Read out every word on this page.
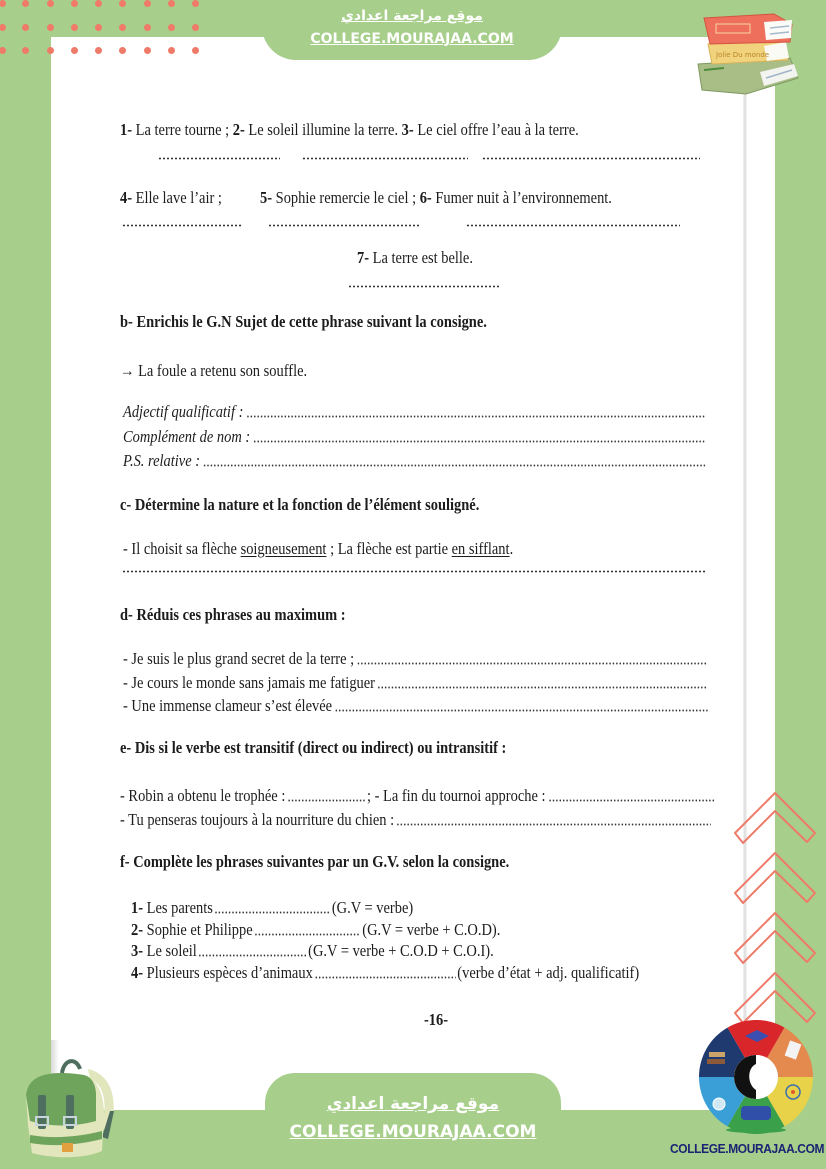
موقع مراجعة اعدادي
COLLEGE.MOURAJAA.COM
موقع مراجعة اعدادي
COLLEGE.MOURAJAA.COM
Jolie Du monde
COLLEGE.MOURAJAA.COM
1- La terre tourne ; 2- Le soleil illumine la terre. 3- Le ciel offre l’eau à la terre.
4- Elle lave l’air ; 5- Sophie remercie le ciel ; 6- Fumer nuit à l’environnement.
7- La terre est belle.
b- Enrichis le G.N Sujet de cette phrase suivant la consigne.
→ La foule a retenu son souffle.
Adjectif qualificatif :
Complément de nom :
P.S. relative :
c- Détermine la nature et la fonction de l’élément souligné.
- Il choisit sa flèche soigneusement ; La flèche est partie en sifflant .
d- Réduis ces phrases au maximum :
- Je suis le plus grand secret de la terre ;
- Je cours le monde sans jamais me fatiguer
- Une immense clameur s’est élevée
e- Dis si le verbe est transitif (direct ou indirect) ou intransitif :
- Robin a obtenu le trophée :	; - La fin du tournoi approche :
- Tu penseras toujours à la nourriture du chien :
f- Complète les phrases suivantes par un G.V. selon la consigne.
1- Les parents	(G.V = verbe)
2- Sophie et Philippe	(G.V = verbe + C.O.D).
3- Le soleil	(G.V = verbe + C.O.D + C.O.I).
4- Plusieurs espèces d’animaux	(verbe d’état + adj. qualificatif)
-16-
